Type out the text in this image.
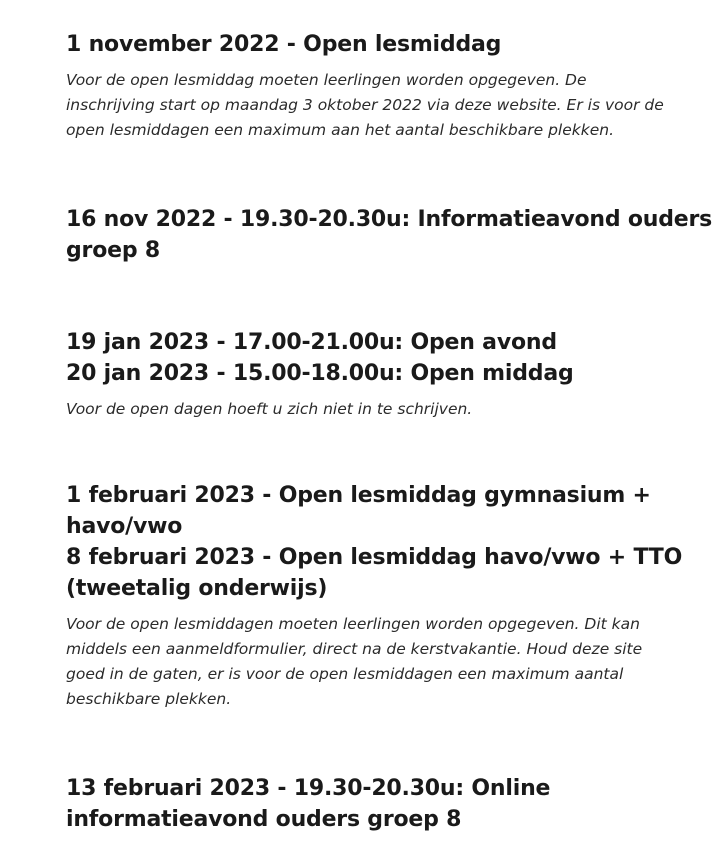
1 november 2022 - Open lesmiddag

Voor de open lesmiddag moeten leerlingen worden opgegeven. De
inschrijving start op maandag 3 oktober 2022 via deze website. Er is voor de
open lesmiddagen een maximum aan het aantal beschikbare plekken.

16 nov 2022 - 19.30-20.30u: Informatieavond ouders
groep 8
19 jan 2023 - 17.00-21.00u: Open avond
20 jan 2023 - 15.00-18.00u: Open middag

Voor de open dagen hoeft u zich niet in te schrijven.

1 februari 2023 - Open lesmiddag gymnasium +
havo/vwo
8 februari 2023 - Open lesmiddag havo/vwo + TTO
(tweetalig onderwijs)

Voor de open lesmiddagen moeten leerlingen worden opgegeven. Dit kan
middels een aanmeldformulier, direct na de kerstvakantie. Houd deze site
goed in de gaten, er is voor de open lesmiddagen een maximum aantal
beschikbare plekken.

13 februari 2023 - 19.30-20.30u: Online
informatieavond ouders groep 8
